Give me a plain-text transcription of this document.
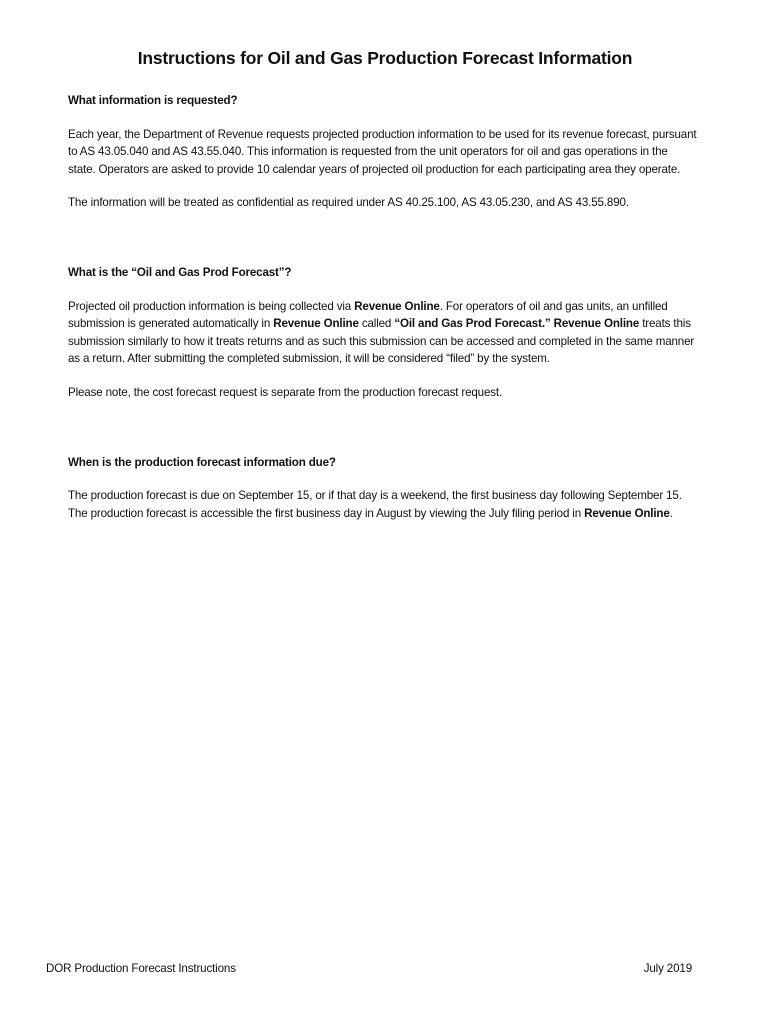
Instructions for Oil and Gas Production Forecast Information
What information is requested?

Each year, the Department of Revenue requests projected production information to be used for its revenue forecast, pursuant to AS 43.05.040 and AS 43.55.040. This information is requested from the unit operators for oil and gas operations in the state. Operators are asked to provide 10 calendar years of projected oil production for each participating area they operate.

The information will be treated as confidential as required under AS 40.25.100, AS 43.05.230, and AS 43.55.890.

What is the “Oil and Gas Prod Forecast”?

Projected oil production information is being collected via Revenue Online. For operators of oil and gas units, an unfilled submission is generated automatically in Revenue Online called “Oil and Gas Prod Forecast.” Revenue Online treats this submission similarly to how it treats returns and as such this submission can be accessed and completed in the same manner as a return. After submitting the completed submission, it will be considered “filed” by the system.

Please note, the cost forecast request is separate from the production forecast request.

When is the production forecast information due?

The production forecast is due on September 15, or if that day is a weekend, the first business day following September 15. The production forecast is accessible the first business day in August by viewing the July filing period in Revenue Online.

DOR Production Forecast Instructions	July 2019
